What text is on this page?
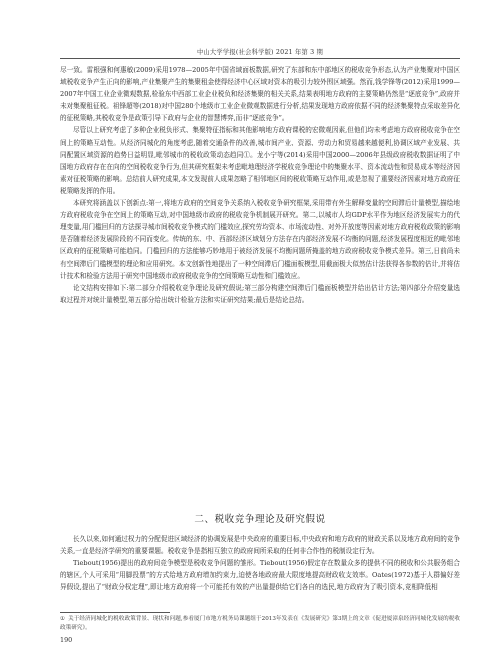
中山大学学报(社会科学版) 2021 年第 3 期

尽一致。雷根强和何惠敏(2009)采用1978—2005年中国省域面板数据,研究了东部和东中部地区的税收竞争形态,认为产业集聚对中国区域税收竞争产生正向的影响,产业集聚产生的集聚租金使得经济中心区域对资本的吸引力较外围区域强。然而,钱学锋等(2012)采用1999—2007年中国工业企业微观数据,检验东中西部工业企业税负和经济集聚的相关关系,结果表明地方政府的主要策略仍然是“逐底竞争”,政府并未对集聚租征税。祖锋超等(2018)对中国280个地级市工业企业微观数据进行分析,结果发现地方政府依据不同的经济集聚特点采取差异化的征税策略,其税收竞争是政策引导下政府与企业的智慧博弈,而非“逐底竞争”。

尽管以上研究考虑了多种企业税负形式、集聚特征指标和其他影响地方政府课税的宏微观因素,但他们均未考虑地方政府税收竞争在空间上的策略互动性。从经济同城化的角度考虑,随着交通条件的改善,城市间产业、资源、劳动力和贸易越来越便利,协调区域产业发展、共同配置区域资源的趋势日益明显,毗邻城市的税收政策动态趋同①。龙小宁等(2014)采用中国2000—2006年县级政府税收数据证明了中国地方政府存在在向的空间税收竞争行为,但其研究框架未考虑毗地理经济学税收竞争理论中的集聚水平、资本流动性和贸易成本等经济因素对征税策略的影响。总结前人研究成果,本文发现前人成果忽略了相邻地区间的税收策略互动作用,或是忽视了重要经济因素对地方政府征税策略发挥的作用。

本研究将涵盖以下创新点:第一,将地方政府的空间竞争关系纳入税收竞争研究框架,采用带有外生解释变量的空间滞后计量模型,描绘地方政府税收竞争在空间上的策略互动,对中国地级市政府的税收竞争机制展开研究。第二,以城市人均GDP水平作为地区经济发展实力的代理变量,用门槛回归的方法探寻城市间税收竞争模式的门槛效应,探究劳均资本、市场流动性、对外开放度等因素对地方政府税收政策的影响是否随着经济发展阶段的不同而变化。传统的东、中、西部经济区域划分方法存在内部经济发展不均衡的问题,经济发展程度相近的毗邻地区政府的征税策略可能趋同。门槛回归的方法能够巧妙地用于被经济发展不均衡问题所掩盖的地方政府税收竞争模式差异。第三,日前尚未有空间滞后门槛模型的理论和应用研究。本文创新性地提出了一种空间滞后门槛面板模型,用截面极大似然估计法获得各参数的估计,并将估计技术和检验方法用于研究中国地级市政府税收竞争的空间策略互动性和门槛效应。

论文结构安排如下:第二部分介绍税收竞争理论及研究假说;第三部分构建空间滞后门槛面板模型并给出估计方法;第四部分介绍变量选取过程并对统计量模型,第五部分给出统计检验方法和实证研究结果;最后是结论总结。

二、税收竞争理论及研究假说

长久以来,如何通过权力的分配促进区域经济的协调发展是中央政府的重要目标,中央政府和地方政府的财政关系以及地方政府间的竞争关系,一直是经济学研究的重要课题。税收竞争是指相互独立的政府间所采取的任何非合作性的税制设定行为。

Tiebout(1956)提出的政府间竞争模型是税收竞争问题的雏形。Tiebout(1956)假定存在数量众多的提供不同的税收和公共服务组合的辖区,个人可采用“用脚投票”的方式给地方政府增加约束力,迫使各地政府最大限度地提高财政收支效率。Oates(1972)基于人群偏好差异假设,提出了“财政分权定理”,即让地方政府将一个可能托有效的产出量提供给它们各自的选民,地方政府为了吸引资本,竞相降低相

① 关于经济同城化的税收政策背景、现状和问题,参看厦门市地方税务局课题组于2013年发表在《发展研究》第3期上的文章《促进厦漳泉经济同城化发展的税收政策研究》。
190
